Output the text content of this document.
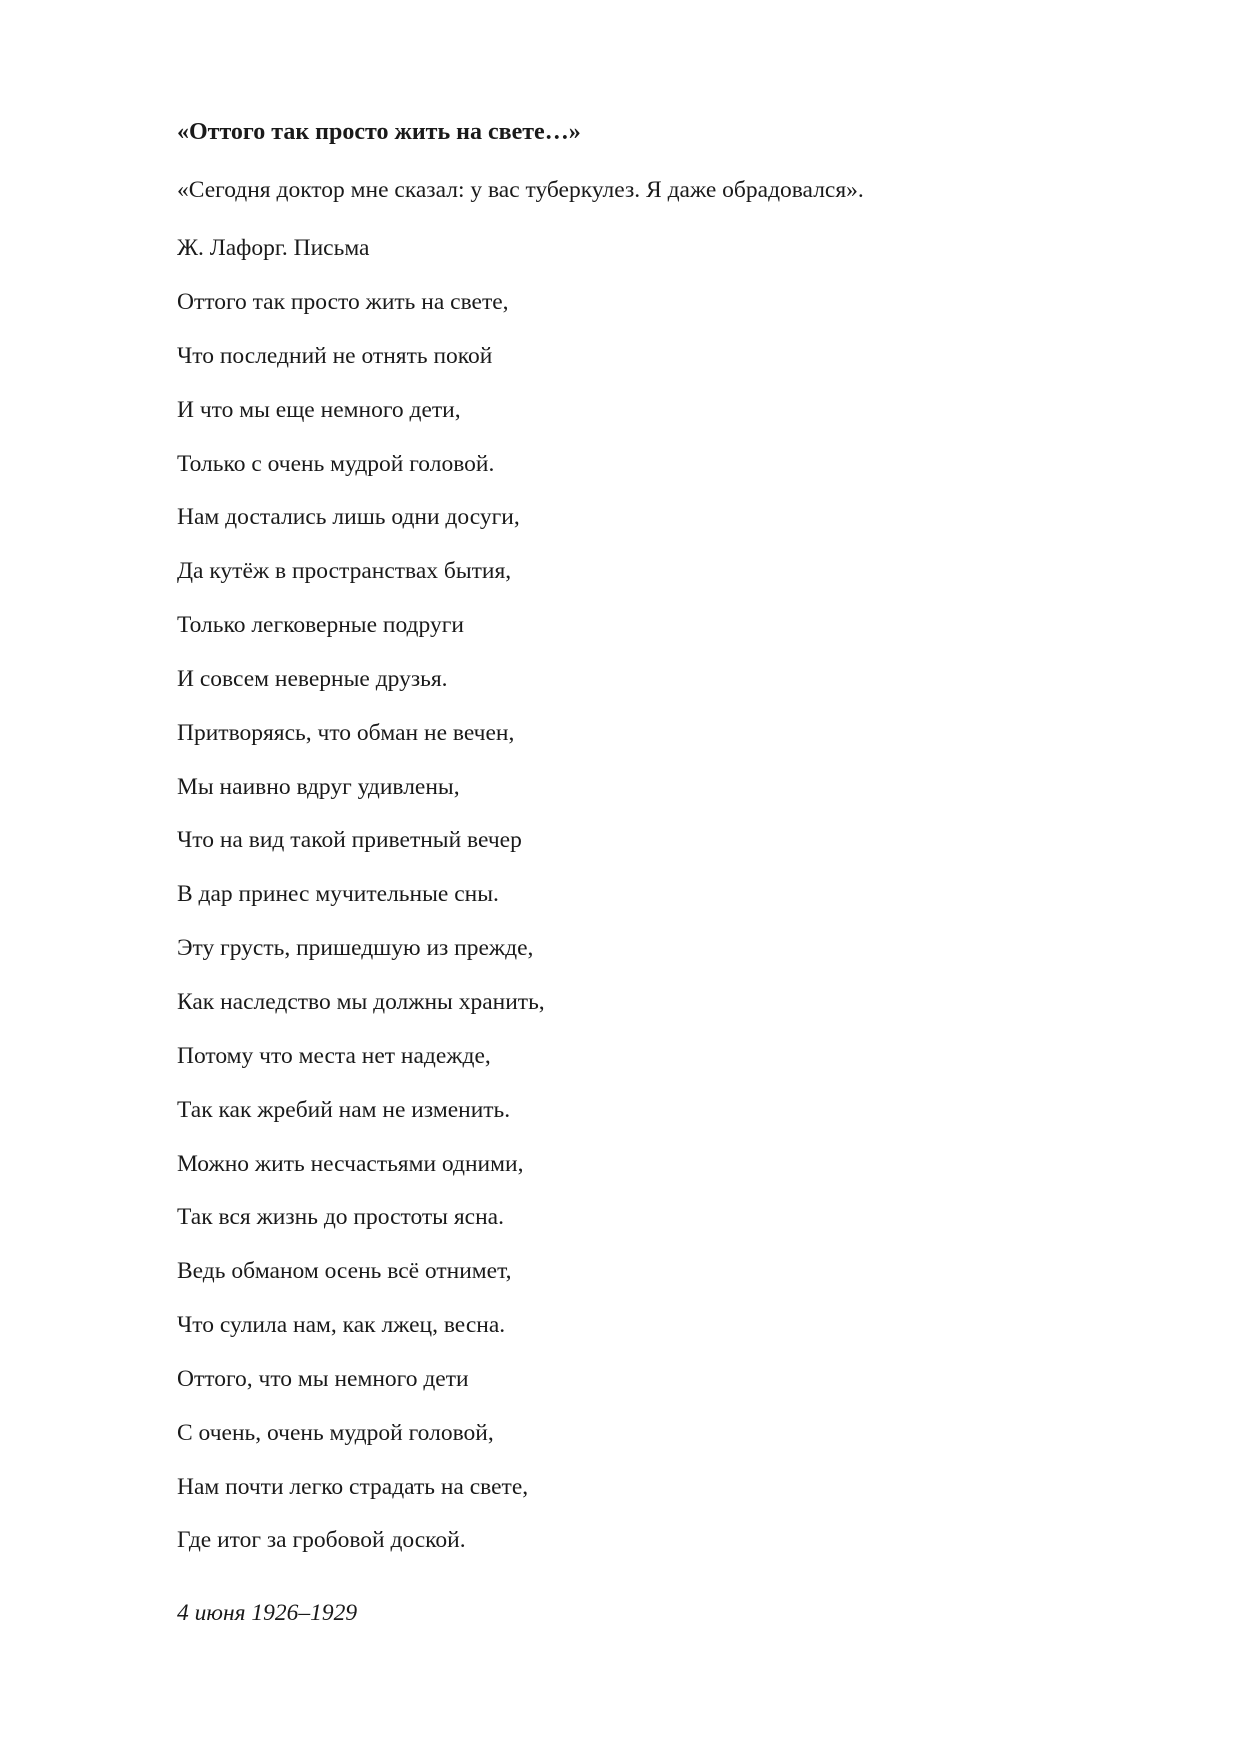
«Оттого так просто жить на свете…»
«Сегодня доктор мне сказал: у вас туберкулез. Я даже обрадовался».
Ж. Лафорг. Письма
Оттого так просто жить на свете,
Что последний не отнять покой
И что мы еще немного дети,
Только с очень мудрой головой.
Нам достались лишь одни досуги,
Да кутёж в пространствах бытия,
Только легковерные подруги
И совсем неверные друзья.
Притворяясь, что обман не вечен,
Мы наивно вдруг удивлены,
Что на вид такой приветный вечер
В дар принес мучительные сны.
Эту грусть, пришедшую из прежде,
Как наследство мы должны хранить,
Потому что места нет надежде,
Так как жребий нам не изменить.
Можно жить несчастьями одними,
Так вся жизнь до простоты ясна.
Ведь обманом осень всё отнимет,
Что сулила нам, как лжец, весна.
Оттого, что мы немного дети
С очень, очень мудрой головой,
Нам почти легко страдать на свете,
Где итог за гробовой доской.
4 июня 1926–1929
